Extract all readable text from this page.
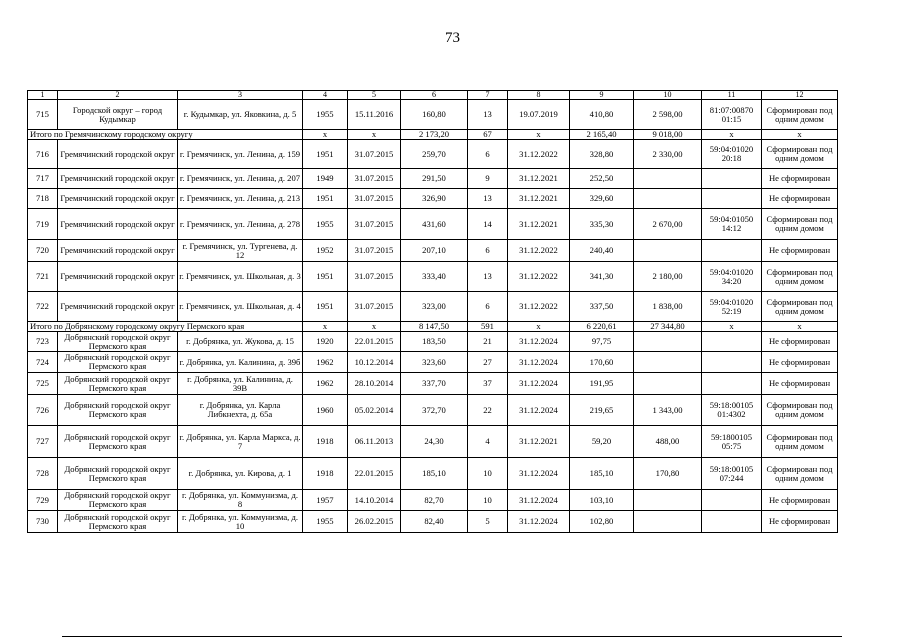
73
1	2	3	4	5	6	7	8	9	10	11	12
715	Городской округ – город Кудымкар	г. Кудымкар, ул. Яковкина, д. 5	1955	15.11.2016	160,80	13	19.07.2019	410,80	2 598,00	81:07:00870 01:15	Сформирован под одним домом
Итого по Гремячинскому городскому округу			x	x	2 173,20	67	x	2 165,40	9 018,00	x	x
716	Гремячинский городской округ	г. Гремячинск, ул. Ленина, д. 159	1951	31.07.2015	259,70	6	31.12.2022	328,80	2 330,00	59:04:01020 20:18	Сформирован под одним домом
717	Гремячинский городской округ	г. Гремячинск, ул. Ленина, д. 207	1949	31.07.2015	291,50	9	31.12.2021	252,50			Не сформирован
718	Гремячинский городской округ	г. Гремячинск, ул. Ленина, д. 213	1951	31.07.2015	326,90	13	31.12.2021	329,60			Не сформирован
719	Гремячинский городской округ	г. Гремячинск, ул. Ленина, д. 278	1955	31.07.2015	431,60	14	31.12.2021	335,30	2 670,00	59:04:01050 14:12	Сформирован под одним домом
720	Гремячинский городской округ	г. Гремячинск, ул. Тургенева, д. 12	1952	31.07.2015	207,10	6	31.12.2022	240,40			Не сформирован
721	Гремячинский городской округ	г. Гремячинск, ул. Школьная, д. 3	1951	31.07.2015	333,40	13	31.12.2022	341,30	2 180,00	59:04:01020 34:20	Сформирован под одним домом
722	Гремячинский городской округ	г. Гремячинск, ул. Школьная, д. 4	1951	31.07.2015	323,00	6	31.12.2022	337,50	1 838,00	59:04:01020 52:19	Сформирован под одним домом
Итого по Добрянскому городскому округу Пермского края			x	x	8 147,50	591	x	6 220,61	27 344,80	x	x
723	Добрянский городской округ Пермского края	г. Добрянка, ул. Жукова, д. 15	1920	22.01.2015	183,50	21	31.12.2024	97,75			Не сформирован
724	Добрянский городской округ Пермского края	г. Добрянка, ул. Калинина, д. 39б	1962	10.12.2014	323,60	27	31.12.2024	170,60			Не сформирован
725	Добрянский городской округ Пермского края	г. Добрянка, ул. Калинина, д. 39В	1962	28.10.2014	337,70	37	31.12.2024	191,95			Не сформирован
726	Добрянский городской округ Пермского края	г. Добрянка, ул. Карла Либкнехта, д. 65а	1960	05.02.2014	372,70	22	31.12.2024	219,65	1 343,00	59:18:00105 01:4302	Сформирован под одним домом
727	Добрянский городской округ Пермского края	г. Добрянка, ул. Карла Маркса, д. 7	1918	06.11.2013	24,30	4	31.12.2021	59,20	488,00	59:1800105 05:75	Сформирован под одним домом
728	Добрянский городской округ Пермского края	г. Добрянка, ул. Кирова, д. 1	1918	22.01.2015	185,10	10	31.12.2024	185,10	170,80	59:18:00105 07:244	Сформирован под одним домом
729	Добрянский городской округ Пермского края	г. Добрянка, ул. Коммунизма, д. 8	1957	14.10.2014	82,70	10	31.12.2024	103,10			Не сформирован
730	Добрянский городской округ Пермского края	г. Добрянка, ул. Коммунизма, д. 10	1955	26.02.2015	82,40	5	31.12.2024	102,80			Не сформирован
